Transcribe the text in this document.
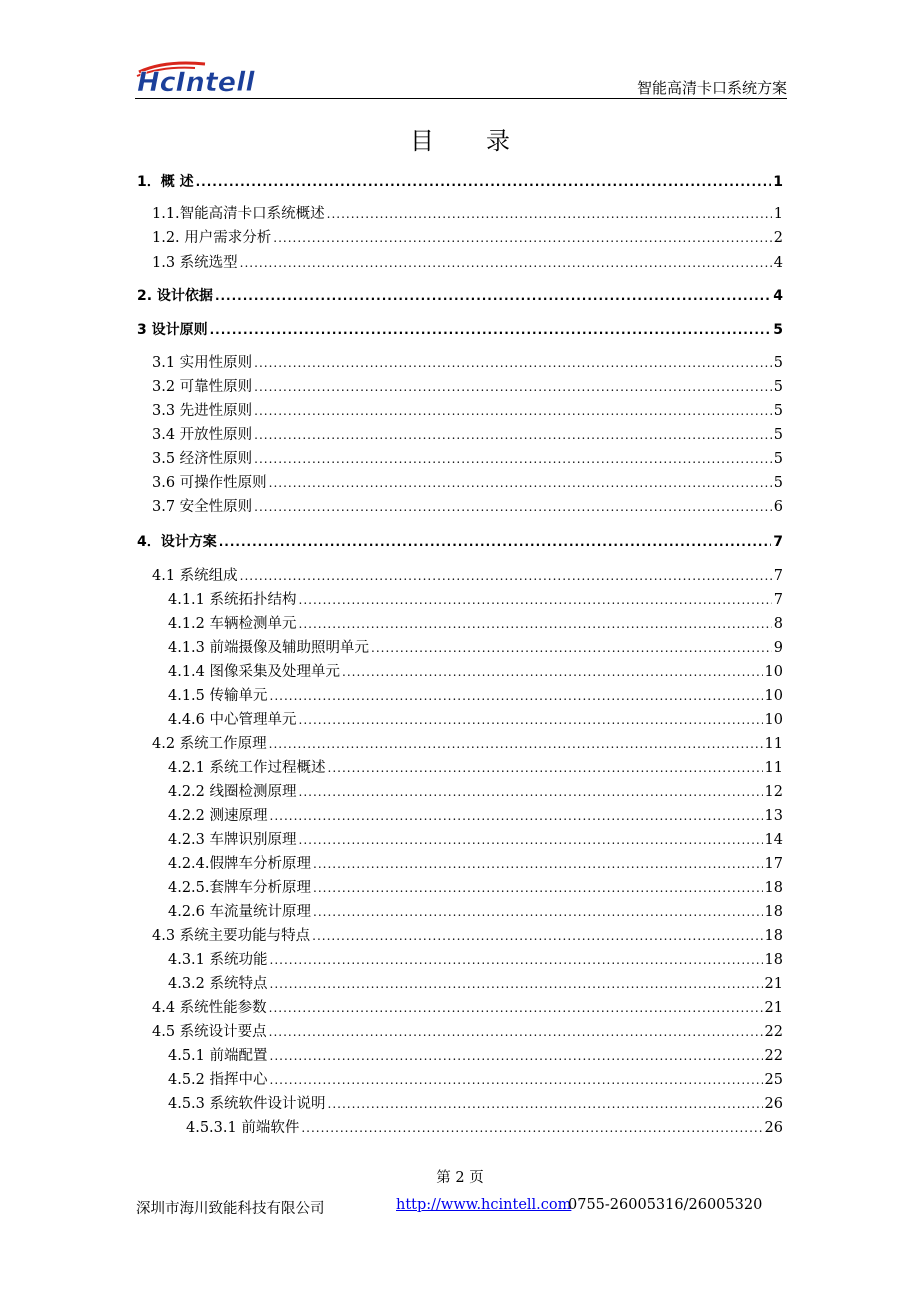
HcIntell	智能高清卡口系统方案
目录
1．概 述 .....	1
1.1.智能高清卡口系统概述 .....	1
1.2. 用户需求分析 .....	2
1.3 系统选型 .....	4
2. 设计依据 .....	4
3 设计原则 .....	5
3.1 实用性原则 .....	5
3.2 可靠性原则 .....	5
3.3 先进性原则 .....	5
3.4 开放性原则 .....	5
3.5 经济性原则 .....	5
3.6 可操作性原则 .....	5
3.7 安全性原则 .....	6
4．设计方案 .....	7
4.1 系统组成 .....	7
4.1.1 系统拓扑结构 .....	7
4.1.2 车辆检测单元 .....	8
4.1.3 前端摄像及辅助照明单元 .....	9
4.1.4 图像采集及处理单元 .....	10
4.1.5 传输单元 .....	10
4.4.6 中心管理单元 .....	10
4.2 系统工作原理 .....	11
4.2.1 系统工作过程概述 .....	11
4.2.2 线圈检测原理 .....	12
4.2.2 测速原理 .....	13
4.2.3 车牌识别原理 .....	14
4.2.4.假牌车分析原理 .....	17
4.2.5.套牌车分析原理 .....	18
4.2.6 车流量统计原理 .....	18
4.3 系统主要功能与特点 .....	18
4.3.1 系统功能 .....	18
4.3.2 系统特点 .....	21
4.4 系统性能参数 .....	21
4.5 系统设计要点 .....	22
4.5.1 前端配置 .....	22
4.5.2 指挥中心 .....	25
4.5.3 系统软件设计说明 .....	26
4.5.3.1 前端软件 .....	26
第 2 页
深圳市海川致能科技有限公司	http://www.hcintell.com
0755-26005316/26005320
